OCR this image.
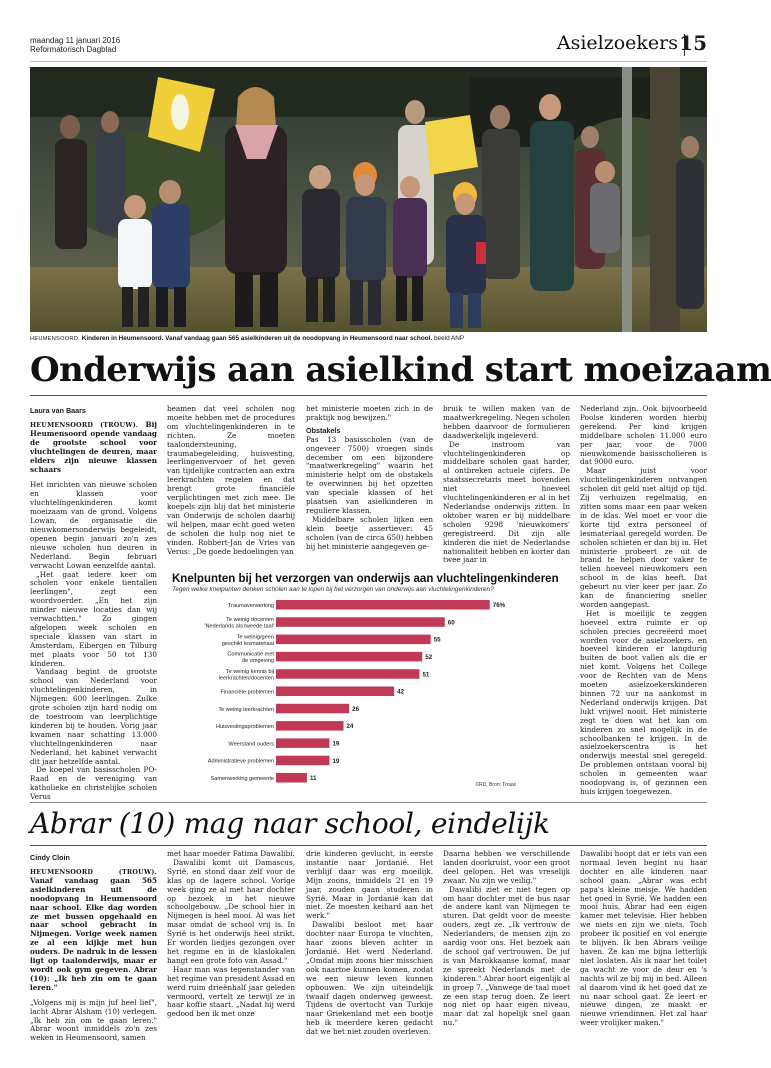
maandag 11 januari 2016
Reformatorisch Dagblad	Asielzoekers 15
HEUMENSOORD. Kinderen in Heumensoord. Vanaf vandaag gaan 565 asielkinderen uit de noodopvang in Heumensoord naar school. beeld ANP
Onderwijs aan asielkind start moeizaam
Laura van Baars

HEUMENSOORD (TROUW). Bij Heumensoord opende vandaag de grootste school voor vluchtelingen de deuren, maar elders zijn nieuwe klassen schaars

Het inrichten van nieuwe scholen en klassen voor vluchtelingenkinderen komt moeizaam van de grond. Volgens Lowan, de organisatie die nieuwkomersonderwijs begeleidt, openen begin januari zo'n zes nieuwe scholen hun deuren in Nederland. Begin februari verwacht Lowan eenzelfde aantal.

„Het gaat iedere keer om scholen voor enkele tientallen leerlingen", zegt een woordvoerder. „En het zijn minder nieuwe locaties dan wij verwachtten." Zo gingen afgelopen week scholen en speciale klassen van start in Amsterdam, Eibergen en Tilburg met plaats voor 50 tot 130 kinderen.

Vandaag begint de grootste school van Nederland voor vluchtelingenkinderen, in Nijmegen: 600 leerlingen. Zulke grote scholen zijn hard nodig om de toestroom van leerplichtige kinderen bij te houden. Vorig jaar kwamen naar schatting 13.000 vluchtelingenkinderen naar Nederland, het kabinet verwacht dit jaar hetzelfde aantal.

De koepel van basisscholen PO-Raad en de vereniging van katholieke en christelijke scholen Verus

beamen dat veel scholen nog moeite hebben met de procedures om vluchtelingenkinderen in te richten. Ze moeten taalondersteuning, traumabegeleiding, huisvesting, leerlingenvervoer of het geven van tijdelijke contracten aan extra leerkrachten regelen en dat brengt grote financiële verplichtingen met zich mee. De koepels zijn blij dat het ministerie van Onderwijs de scholen daarbij wil helpen, maar echt goed weten de scholen die hulp nog niet te vinden. Robbert-Jan de Vries van Verus: „De goede bedoelingen van

het ministerie moeten zich in de praktijk nog bewijzen."

Obstakels

Pas 13 basisscholen (van de ongeveer 7500) vroegen sinds december om een bijzondere "maatwerkregeling" waarin het ministerie helpt om de obstakels te overwinnen bij het opzetten van speciale klassen of het plaatsen van asielkinderen in reguliere klassen.

Middelbare scholen lijken een klein beetje assertiever: 45 scholen (van de circa 650) hebben bij het ministerie aangegeven ge-

bruik te willen maken van de maatwerkregeling. Negen scholen hebben daarvoor de formulieren daadwerkelijk ingeleverd.

De instroom van vluchtelingenkinderen op middelbare scholen gaat harder, al ontbreken actuele cijfers. De staatssecretaris meet bovendien niet hoeveel vluchtelingenkinderen er al in het Nederlandse onderwijs zitten. In oktober waren er bij middelbare scholen 9298 'nieuwkomers' geregistreerd. Dit zijn alle kinderen die niet de Nederlandse nationaliteit hebben en korter dan twee jaar in

Nederland zijn. Ook bijvoorbeeld Poolse kinderen worden hierbij gerekend. Per kind krijgen middelbare scholen 11.000 euro per jaar, voor de 7000 nieuwkomende basisscholieren is dat 9000 euro.

Maar juist voor vluchtelingenkinderen ontvangen scholen dit geld niet altijd op tijd. Zij verhuizen regelmatig, en zitten soms maar een paar weken in de klas. Wel moet er voor die korte tijd extra personeel of lesmateriaal geregeld worden. De scholen schieten er dan bij in. Het ministerie probeert ze uit de brand te helpen door vaker te tellen hoeveel nieuwkomers een school in de klas heeft. Dat gebeurt nu vier keer per jaar. Zo kan de financiering sneller worden aangepast.

Het is moeilijk te zeggen hoeveel extra ruimte er op scholen precies gecreëerd moet worden voor de asielzoekers, en hoeveel kinderen er langdurig buiten de boot vallen als die er niet komt. Volgens het College voor de Rechten van de Mens moeten asielzoekerskinderen binnen 72 uur na aankomst in Nederland onderwijs krijgen. Dat lukt vrijwel nooit. Het ministerie zegt te doen wat het kan om kinderen zo snel mogelijk in de schoolbanken te krijgen. In de asielzoekerscentra is het onderwijs meestal snel geregeld. De problemen ontstaan vooral bij scholen in gemeenten waar noodopvang is, of gezinnen een huis krijgen toegewezen.

Knelpunten bij het verzorgen van onderwijs aan vluchtelingenkinderen
Tegen welke knelpunten denken scholen aan te lopen bij het verzorgen van onderwijs aan vluchtelingenkinderen?
Traumaverwerking	76%
Te weinig docenten
'Nederlands als tweede taal'
60
Te weinig/geen
geschikt lesmateriaal
55
Communicatie met
de omgeving
52
Te weinig kennis bij
leerkrachten/docenten
51
Financiële problemen	42
Te weinig leerkrachten	26
Huisvestingsproblemen	24
Weerstand ouders	19
Administratieve problemen	19
Samenwerking gemeente	11
©RD, Bron: Trouw
Abrar (10) mag naar school, eindelijk
Cindy Cloin

HEUMENSOORD (TROUW). Vanaf vandaag gaan 565 asielkinderen uit de noodopvang in Heumensoord naar school. Elke dag worden ze met bussen opgehaald en naar school gebracht in Nijmegen. Vorige week namen ze al een kijkje met hun ouders. De nadruk in de lessen ligt op taalonderwijs, maar er wordt ook gym gegeven. Abrar (10): „Ik heb zin om te gaan leren."

„Volgens mij is mijn juf heel lief", lacht Abrar Alsham (10) verlegen. „Ik heb zin om te gaan leren." Abrar woont inmiddels zo'n zes weken in Heumensoord, samen

met haar moeder Fatima Dawalibi.

Dawalibi komt uit Damascus, Syrië, en stond daar zelf voor de klas op de lagere school. Vorige week ging ze al met haar dochter op bezoek in het nieuwe schoolgebouw. „De school hier in Nijmegen is heel mooi. Al was het maar omdat de school vrij is. In Syrië is het onderwijs heel strikt. Er worden liedjes gezongen over het regime en in de klaslokalen hangt een grote foto van Assad."

Haar man was tegenstander van het regime van president Assad en werd ruim drieënhalf jaar geleden vermoord, vertelt ze terwijl ze in haar koffie staart. „Nadat hij werd gedood ben ik met onze

drie kinderen gevlucht, in eerste instantie naar Jordanië. Het verblijf daar was erg moeilijk. Mijn zoons, inmiddels 21 en 19 jaar, zouden gaan studeren in Syrië. Maar in Jordanië kan dat niet. Ze moesten keihard aan het werk."

Dawalibi besloot met haar dochter naar Europa te vluchten, haar zoons bleven achter in Jordanië. Het werd Nederland. „Omdat mijn zoons hier misschien ook naartoe kunnen komen, zodat we een nieuw leven kunnen opbouwen. We zijn uiteindelijk twaalf dagen onderweg geweest. Tijdens de overtocht van Turkije naar Griekenland met een bootje heb ik meerdere keren gedacht dat we het niet zouden overleven.

Daarna hebben we verschillende landen doorkruist, voor een groot deel gelopen. Het was vreselijk zwaar. Nu zijn we veilig."

Dawalibi ziet er niet tegen op om haar dochter met de bus naar de andere kant van Nijmegen te sturen. Dat geldt voor de meeste ouders, zegt ze. „Ik vertrouw de Nederlanders, de mensen zijn zo aardig voor ons. Het bezoek aan de school gaf vertrouwen. De juf is van Marokkaanse komaf, maar ze spreekt Nederlands met de kinderen." Abrar hoort eigenlijk al in groep 7. „Vanwege de taal moet ze een stap terug doen. Ze leert nog niet op haar eigen niveau, maar dat zal hopelijk snel gaan nu."

Dawalibi hoopt dat er iets van een normaal leven begint nu haar dochter en alle kinderen naar school gaan. „Abrar was echt papa's kleine meisje. We hadden het goed in Syrië. We hadden een mooi huis, Abrar had een eigen kamer met televisie. Hier hebben we niets en zijn we niets. Toch probeer ik positief en vol energie te blijven. Ik ben Abrars veilige haven. Ze kan me bijna letterlijk niet loslaten. Als ik naar het toilet ga wacht ze voor de deur en 's nachts wil ze bij mij in bed. Alleen al daarom vind ik het goed dat ze nu naar school gaat. Ze leert er nieuwe dingen, ze maakt er nieuwe vriendinnen. Het zal haar weer vrolijker maken."
